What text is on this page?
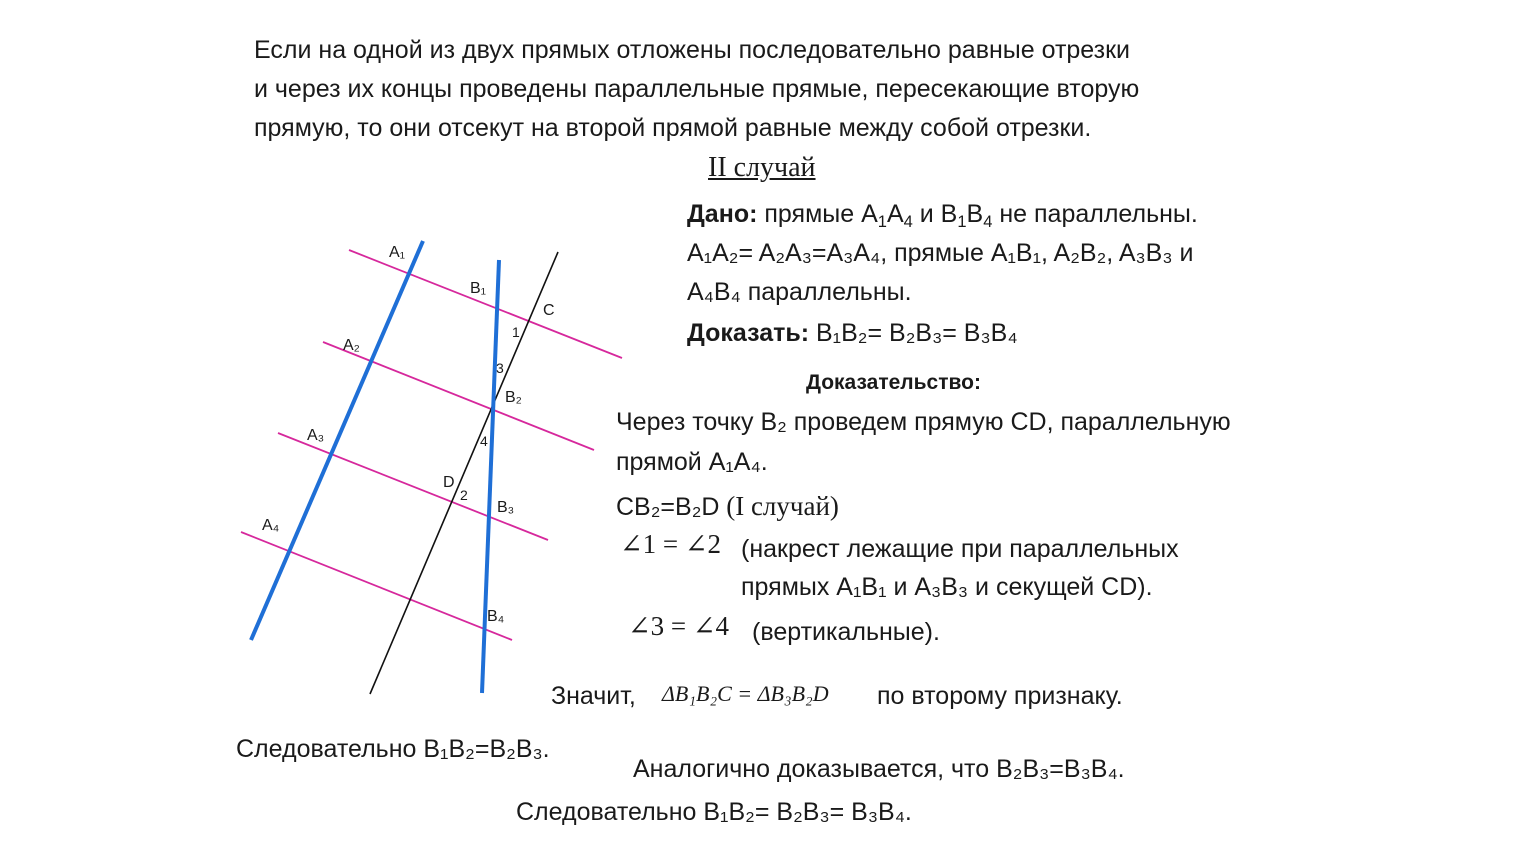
Если на одной из двух прямых отложены последовательно равные отрезки
и через их концы проведены параллельные прямые, пересекающие вторую
прямую, то они отсекут на второй прямой равные между собой отрезки.
II случай
Дано: прямые $A_1A_4$ и $B_1B_4$ не параллельны.
A₁A₂= A₂A₃=A₃A₄, прямые A₁B₁, A₂B₂, A₃B₃ и
A₄B₄ параллельны.
Доказать: B₁B₂= B₂B₃= B₃B₄
Доказательство:
Через точку B₂ проведем прямую CD, параллельную
прямой A₁A₄.
CB₂=B₂D (I случай)
∠1 = ∠2 (накрест лежащие при параллельных
прямых A₁B₁ и A₃B₃ и секущей CD).
∠3 = ∠4 (вертикальные).
Значит, ΔB₁B₂C = ΔB₃B₂D по второму признаку.
Следовательно B₁B₂=B₂B₃.
Аналогично доказывается, что B₂B₃=B₃B₄.
Следовательно B₁B₂= B₂B₃= B₃B₄.
A₁
A₂
A₃
A₄
B₁
B₂
B₃
B₄
C
D
1
3
4
2
